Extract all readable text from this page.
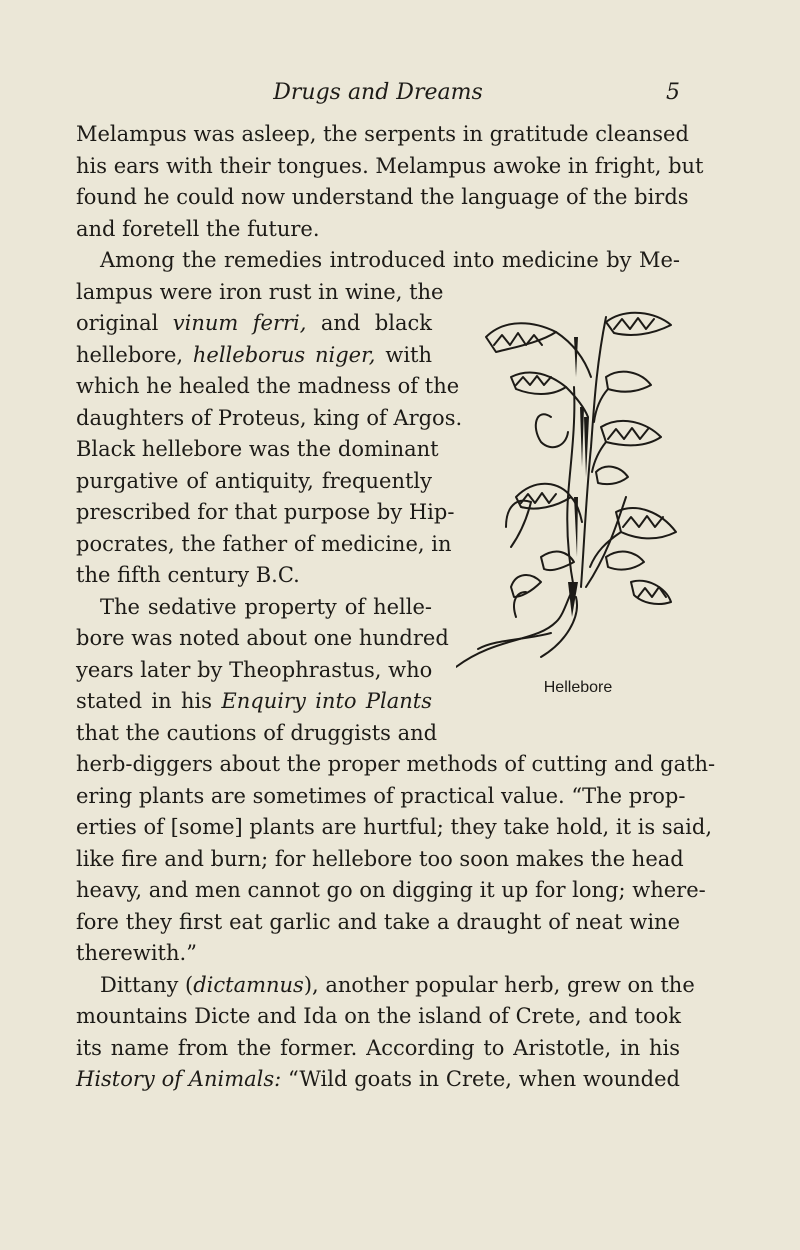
Drugs and Dreams	5

Melampus was asleep, the serpents in gratitude cleansed
his ears with their tongues. Melampus awoke in fright, but
found he could now understand the language of the birds
and foretell the future.

Among the remedies introduced into medicine by Me-
lampus were iron rust in wine, the
original vinum ferri, and black
hellebore, helleborus niger, with
which he healed the madness of the
daughters of Proteus, king of Argos.
Black hellebore was the dominant
purgative of antiquity, frequently
prescribed for that purpose by Hip-
pocrates, the father of medicine, in
the fifth century B.C.

The sedative property of helle-
bore was noted about one hundred
years later by Theophrastus, who
stated in his Enquiry into Plants
that the cautions of druggists and
herb-diggers about the proper methods of cutting and gath-
ering plants are sometimes of practical value. “The prop-
erties of [some] plants are hurtful; they take hold, it is said,
like fire and burn; for hellebore too soon makes the head
heavy, and men cannot go on digging it up for long; where-
fore they first eat garlic and take a draught of neat wine
therewith.”

Dittany (dictamnus), another popular herb, grew on the
mountains Dicte and Ida on the island of Crete, and took
its name from the former. According to Aristotle, in his
History of Animals: “Wild goats in Crete, when wounded

Hellebore
